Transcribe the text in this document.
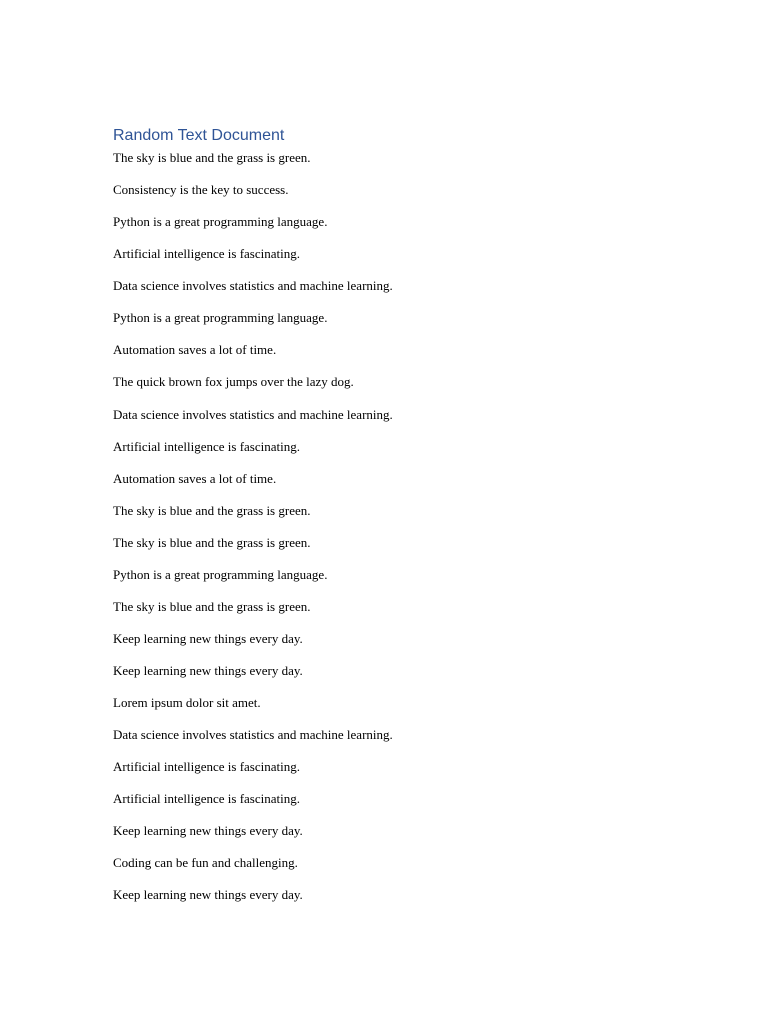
Random Text Document
The sky is blue and the grass is green.
Consistency is the key to success.
Python is a great programming language.
Artificial intelligence is fascinating.
Data science involves statistics and machine learning.
Python is a great programming language.
Automation saves a lot of time.
The quick brown fox jumps over the lazy dog.
Data science involves statistics and machine learning.
Artificial intelligence is fascinating.
Automation saves a lot of time.
The sky is blue and the grass is green.
The sky is blue and the grass is green.
Python is a great programming language.
The sky is blue and the grass is green.
Keep learning new things every day.
Keep learning new things every day.
Lorem ipsum dolor sit amet.
Data science involves statistics and machine learning.
Artificial intelligence is fascinating.
Artificial intelligence is fascinating.
Keep learning new things every day.
Coding can be fun and challenging.
Keep learning new things every day.
